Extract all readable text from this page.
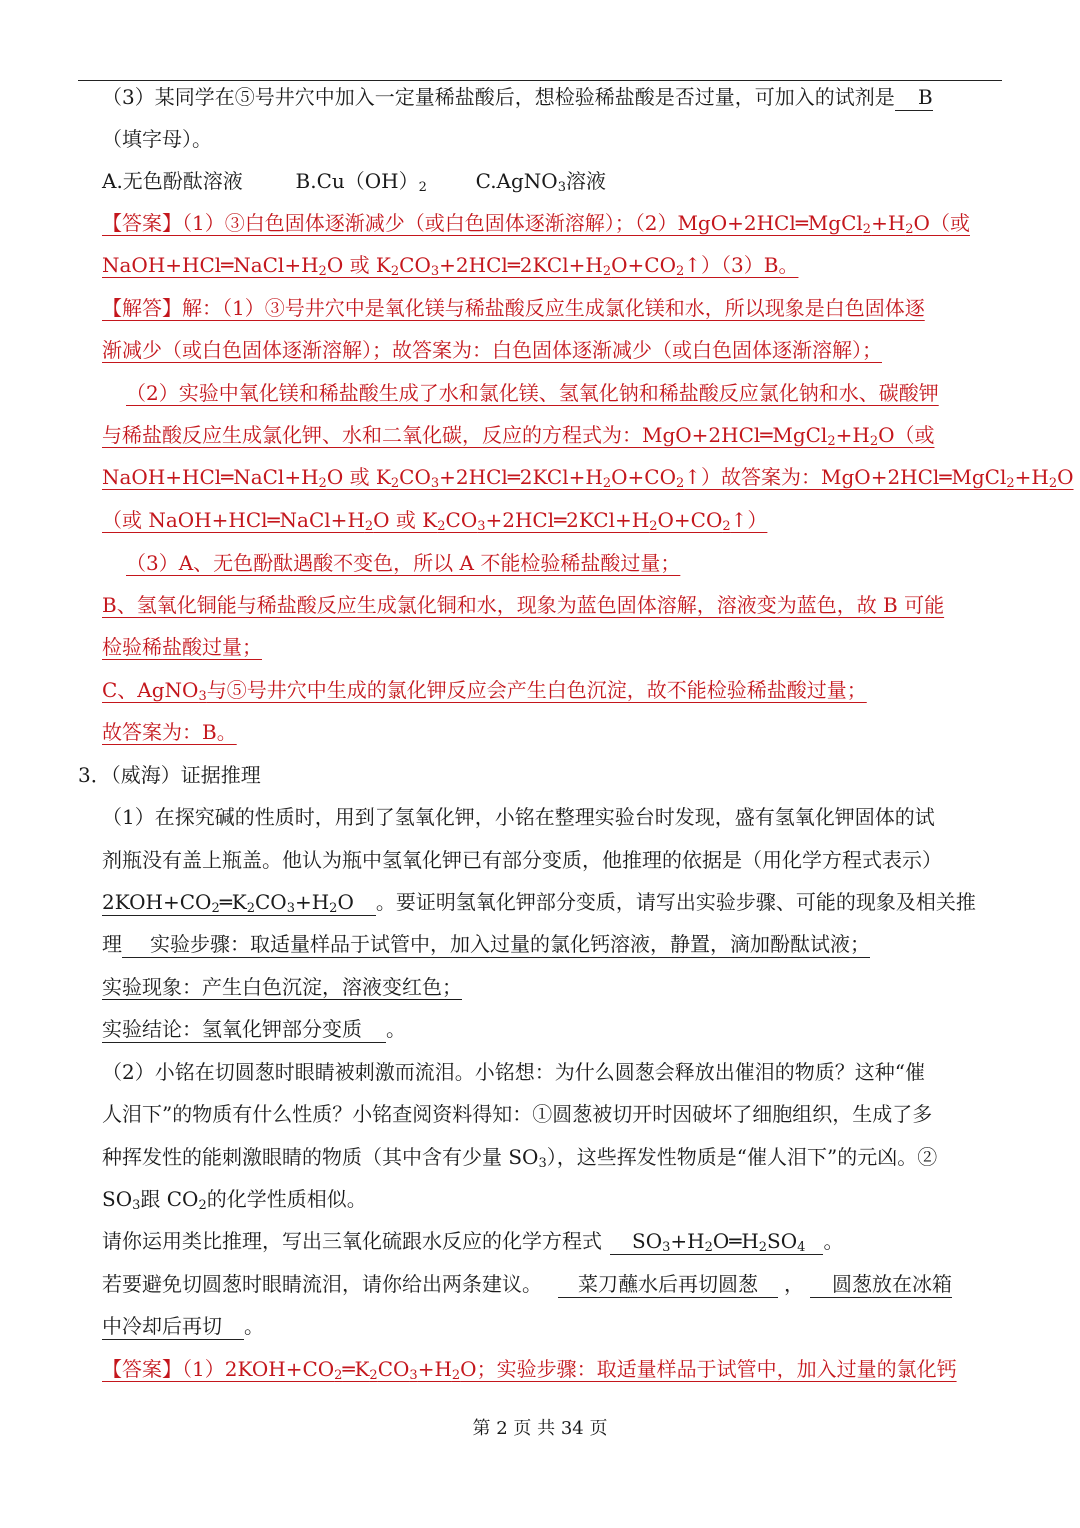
（3）某同学在⑤号井穴中加入一定量稀盐酸后，想检验稀盐酸是否过量，可加入的试剂是 B
（填字母）。
A.无色酚酞溶液	$B.Cu(OH)_2$ C.AgNO$_3$溶液
【答案】（1）③白色固体逐渐减少（或白色固体逐渐溶解）；$(2)MgO+2HCl═MgCl_2+H_2O$（或
$NaOH+HCl═NaCl+H_2O$ 或 $K_2CO_3+2HCl═2KCl+H_2O+CO_2↑)(3)B$。
【解答】解：（1）③号井穴中是氧化镁与稀盐酸反应生成氯化镁和水，所以现象是白色固体逐
渐减少（或白色固体逐渐溶解）；故答案为：白色固体逐渐减少（或白色固体逐渐溶解）；
（2）实验中氧化镁和稀盐酸生成了水和氯化镁、氢氧化钠和稀盐酸反应氯化钠和水、碳酸钾
与稀盐酸反应生成氯化钾、水和二氧化碳，反应的方程式为：$MgO+2HCl═MgCl_2+H_2O$（或
$NaOH+HCl═NaCl+H_2O$ 或 $K_2CO_3+2HCl═2KCl+H_2O+CO_2↑$）故答案为：$MgO+2HCl═MgCl_2+H_2O$
（或 $NaOH+HCl═NaCl+H_2O$ 或 $K_2CO_3+2HCl═2KCl+H_2O+CO_2↑$）
（3）A、无色酚酞遇酸不变色，所以 A 不能检验稀盐酸过量；
B、氢氧化铜能与稀盐酸反应生成氯化铜和水，现象为蓝色固体溶解，溶液变为蓝色，故 B 可能
检验稀盐酸过量；
C、AgNO$_3$与⑤号井穴中生成的氯化钾反应会产生白色沉淀，故不能检验稀盐酸过量；
故答案为：B。
3．（威海）证据推理
（1）在探究碱的性质时，用到了氢氧化钾，小铭在整理实验台时发现，盛有氢氧化钾固体的试
剂瓶没有盖上瓶盖。他认为瓶中氢氧化钾已有部分变质，他推理的依据是（用化学方程式表示）
$2KOH+CO_2═K_2CO_3+H_2O$ 。要证明氢氧化钾部分变质，请写出实验步骤、可能的现象及相关推
理 实验步骤：取适量样品于试管中，加入过量的氯化钙溶液，静置，滴加酚酞试液；
实验现象：产生白色沉淀，溶液变红色；
实验结论：氢氧化钾部分变质 。
（2）小铭在切圆葱时眼睛被刺激而流泪。小铭想：为什么圆葱会释放出催泪的物质？这种“催
人泪下”的物质有什么性质？小铭查阅资料得知：①圆葱被切开时因破坏了细胞组织，生成了多
种挥发性的能刺激眼睛的物质（其中含有少量 $SO_3$），这些挥发性物质是“催人泪下”的元凶。②
$SO_3$跟 $CO_2$的化学性质相似。
请你运用类比推理，写出三氧化硫跟水反应的化学方程式 $SO_3+H_2O═H_2SO_4$ 。
若要避免切圆葱时眼睛流泪，请你给出两条建议。 菜刀蘸水后再切圆葱 ， 圆葱放在冰箱
中冷却后再切 。
【答案】$(1)2KOH+CO_2═K_2CO_3+H_2O$；实验步骤：取适量样品于试管中，加入过量的氯化钙
第 2 页 共 34 页
